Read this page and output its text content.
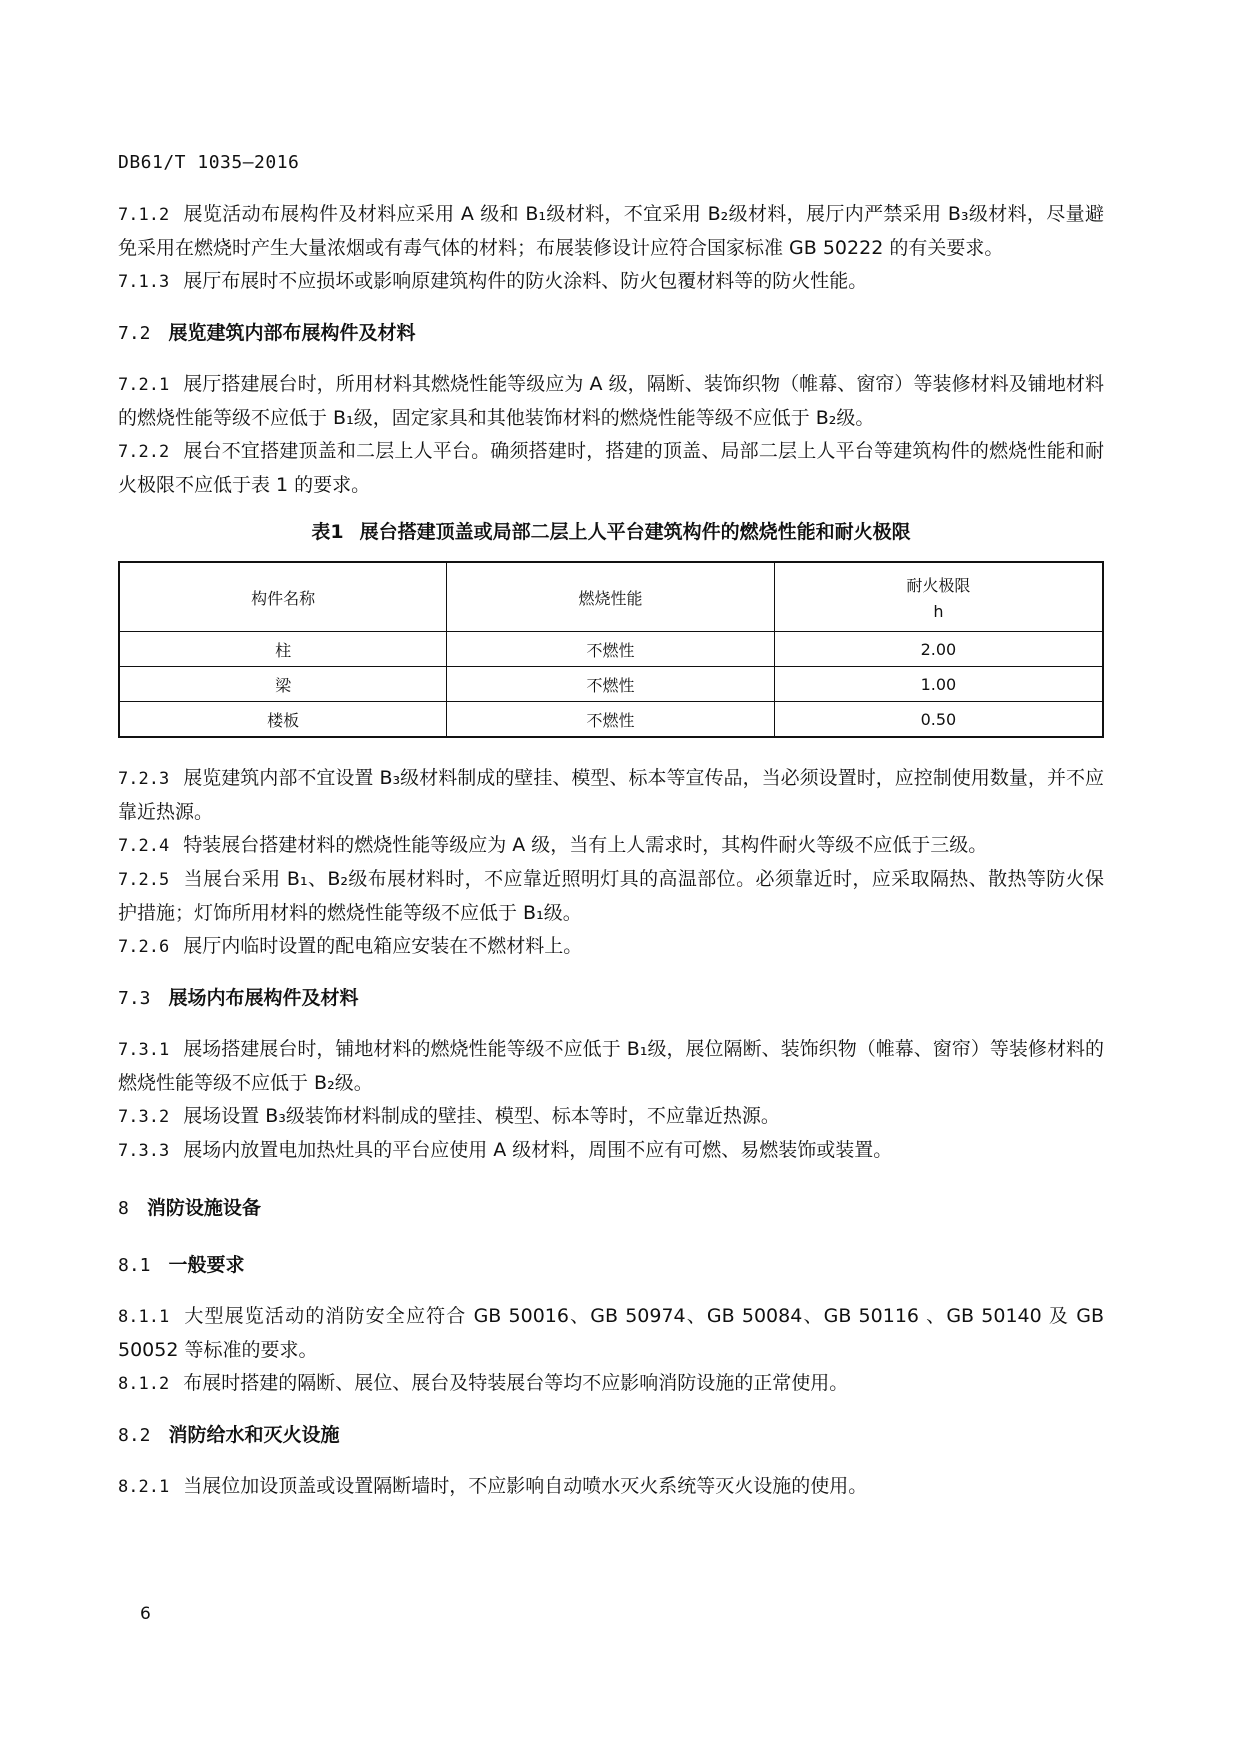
DB61/T 1035—2016

7.1.2 展览活动布展构件及材料应采用 A 级和 B₁级材料，不宜采用 B₂级材料，展厅内严禁采用 B₃级材料，尽量避免采用在燃烧时产生大量浓烟或有毒气体的材料；布展装修设计应符合国家标准 GB 50222 的有关要求。

7.1.3 展厅布展时不应损坏或影响原建筑构件的防火涂料、防火包覆材料等的防火性能。

7.2 展览建筑内部布展构件及材料

7.2.1 展厅搭建展台时，所用材料其燃烧性能等级应为 A 级，隔断、装饰织物（帷幕、窗帘）等装修材料及铺地材料的燃烧性能等级不应低于 B₁级，固定家具和其他装饰材料的燃烧性能等级不应低于 B₂级。

7.2.2 展台不宜搭建顶盖和二层上人平台。确须搭建时，搭建的顶盖、局部二层上人平台等建筑构件的燃烧性能和耐火极限不应低于表 1 的要求。

表1 展台搭建顶盖或局部二层上人平台建筑构件的燃烧性能和耐火极限
构件名称	燃烧性能	耐火极限
h

柱	不燃性	2.00
梁	不燃性	1.00
楼板	不燃性	0.50

7.2.3 展览建筑内部不宜设置 B₃级材料制成的壁挂、模型、标本等宣传品，当必须设置时，应控制使用数量，并不应靠近热源。

7.2.4 特装展台搭建材料的燃烧性能等级应为 A 级，当有上人需求时，其构件耐火等级不应低于三级。

7.2.5 当展台采用 B₁、B₂级布展材料时，不应靠近照明灯具的高温部位。必须靠近时，应采取隔热、散热等防火保护措施；灯饰所用材料的燃烧性能等级不应低于 B₁级。

7.2.6 展厅内临时设置的配电箱应安装在不燃材料上。

7.3 展场内布展构件及材料

7.3.1 展场搭建展台时，铺地材料的燃烧性能等级不应低于 B₁级，展位隔断、装饰织物（帷幕、窗帘）等装修材料的燃烧性能等级不应低于 B₂级。

7.3.2 展场设置 B₃级装饰材料制成的壁挂、模型、标本等时，不应靠近热源。

7.3.3 展场内放置电加热灶具的平台应使用 A 级材料，周围不应有可燃、易燃装饰或装置。

8 消防设施设备

8.1 一般要求

8.1.1 大型展览活动的消防安全应符合 GB 50016、GB 50974、GB 50084、GB 50116 、GB 50140 及 GB 50052 等标准的要求。

8.1.2 布展时搭建的隔断、展位、展台及特装展台等均不应影响消防设施的正常使用。

8.2 消防给水和灭火设施

8.2.1 当展位加设顶盖或设置隔断墙时，不应影响自动喷水灭火系统等灭火设施的使用。

6
